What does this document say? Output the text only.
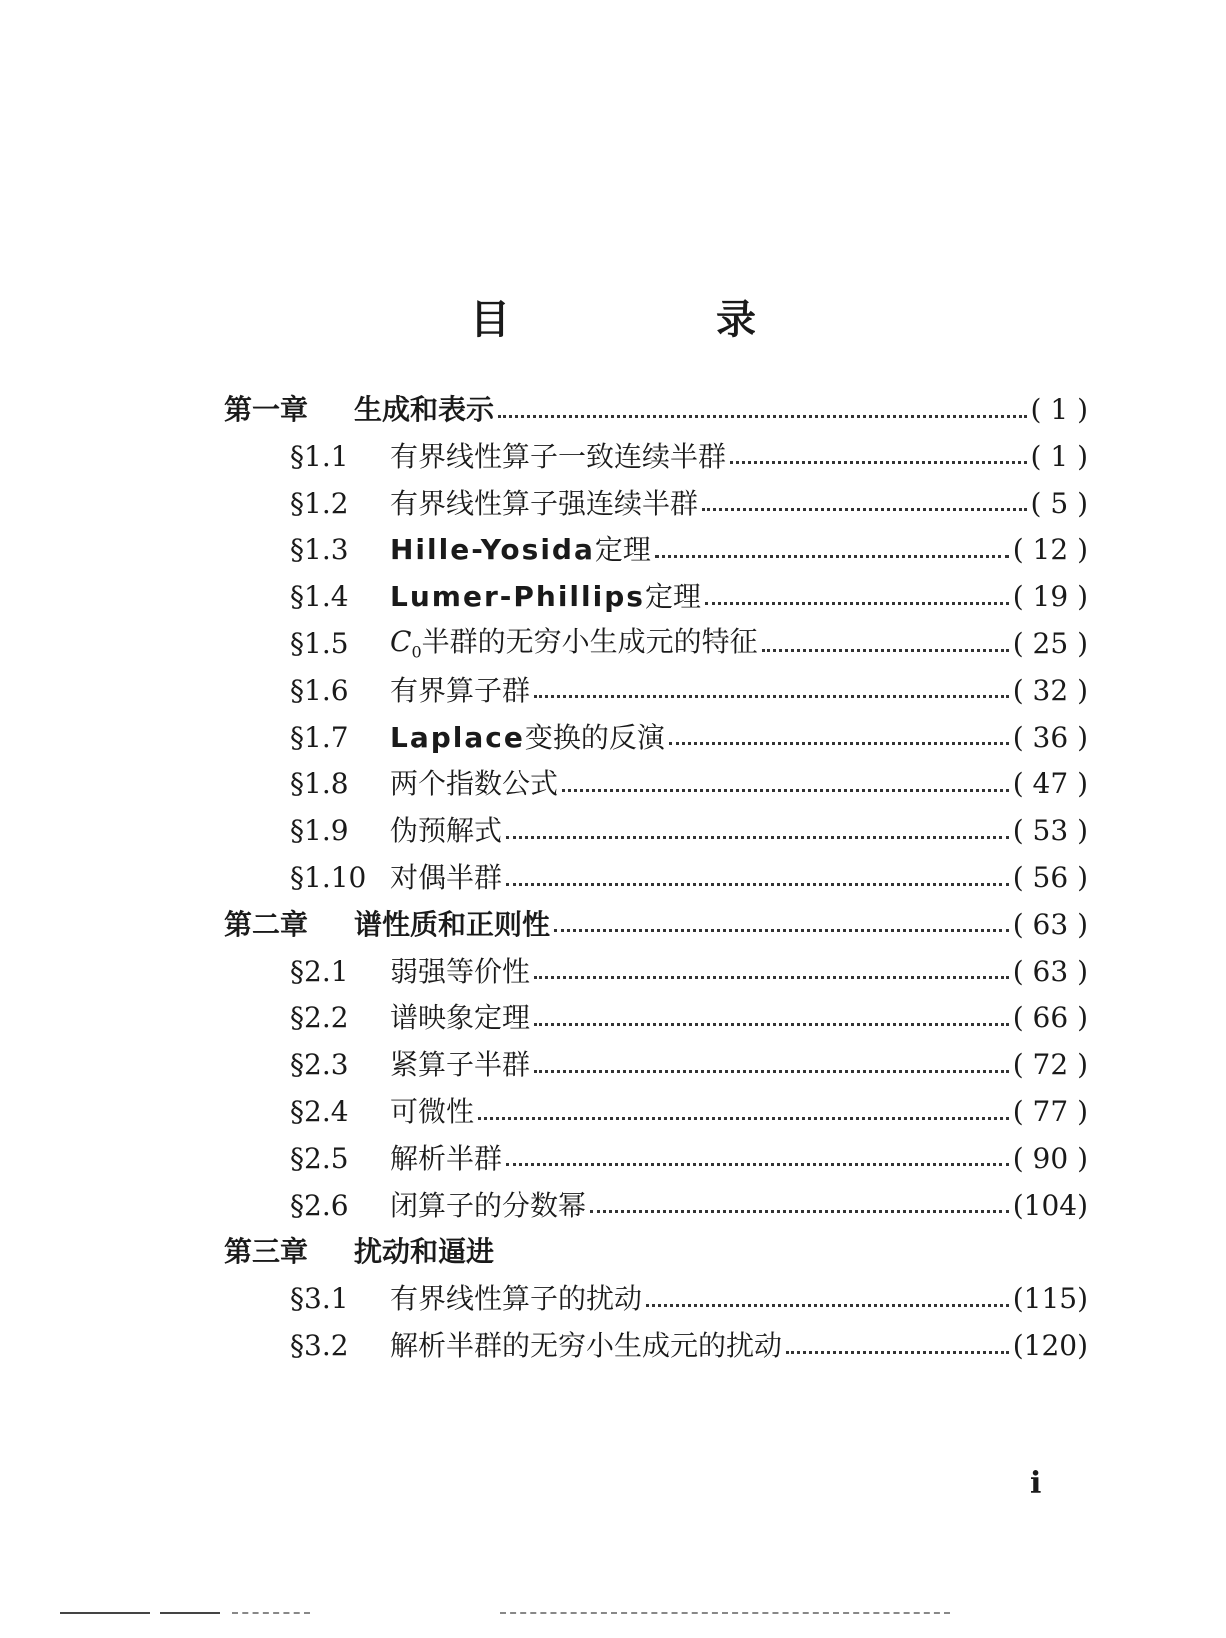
目 录
第一章	生成和表示	( 1 )
§1.1	有界线性算子一致连续半群	( 1 )
§1.2	有界线性算子强连续半群	( 5 )
§1.3	Hille-Yosida定理	( 12 )
§1.4	Lumer-Phillips定理	( 19 )
§1.5	$C_0$半群的无穷小生成元的特征	( 25 )
§1.6	有界算子群	( 32 )
§1.7	Laplace变换的反演	( 36 )
§1.8	两个指数公式	( 47 )
§1.9	伪预解式	( 53 )
§1.10 对偶半群	( 56 )
第二章	谱性质和正则性	( 63 )
§2.1	弱强等价性	( 63 )
§2.2	谱映象定理	( 66 )
§2.3	紧算子半群	( 72 )
§2.4	可微性	( 77 )
§2.5	解析半群	( 90 )
§2.6	闭算子的分数幂	(104)
第三章	扰动和逼进
§3.1	有界线性算子的扰动	(115)
§3.2	解析半群的无穷小生成元的扰动	(120)
i
